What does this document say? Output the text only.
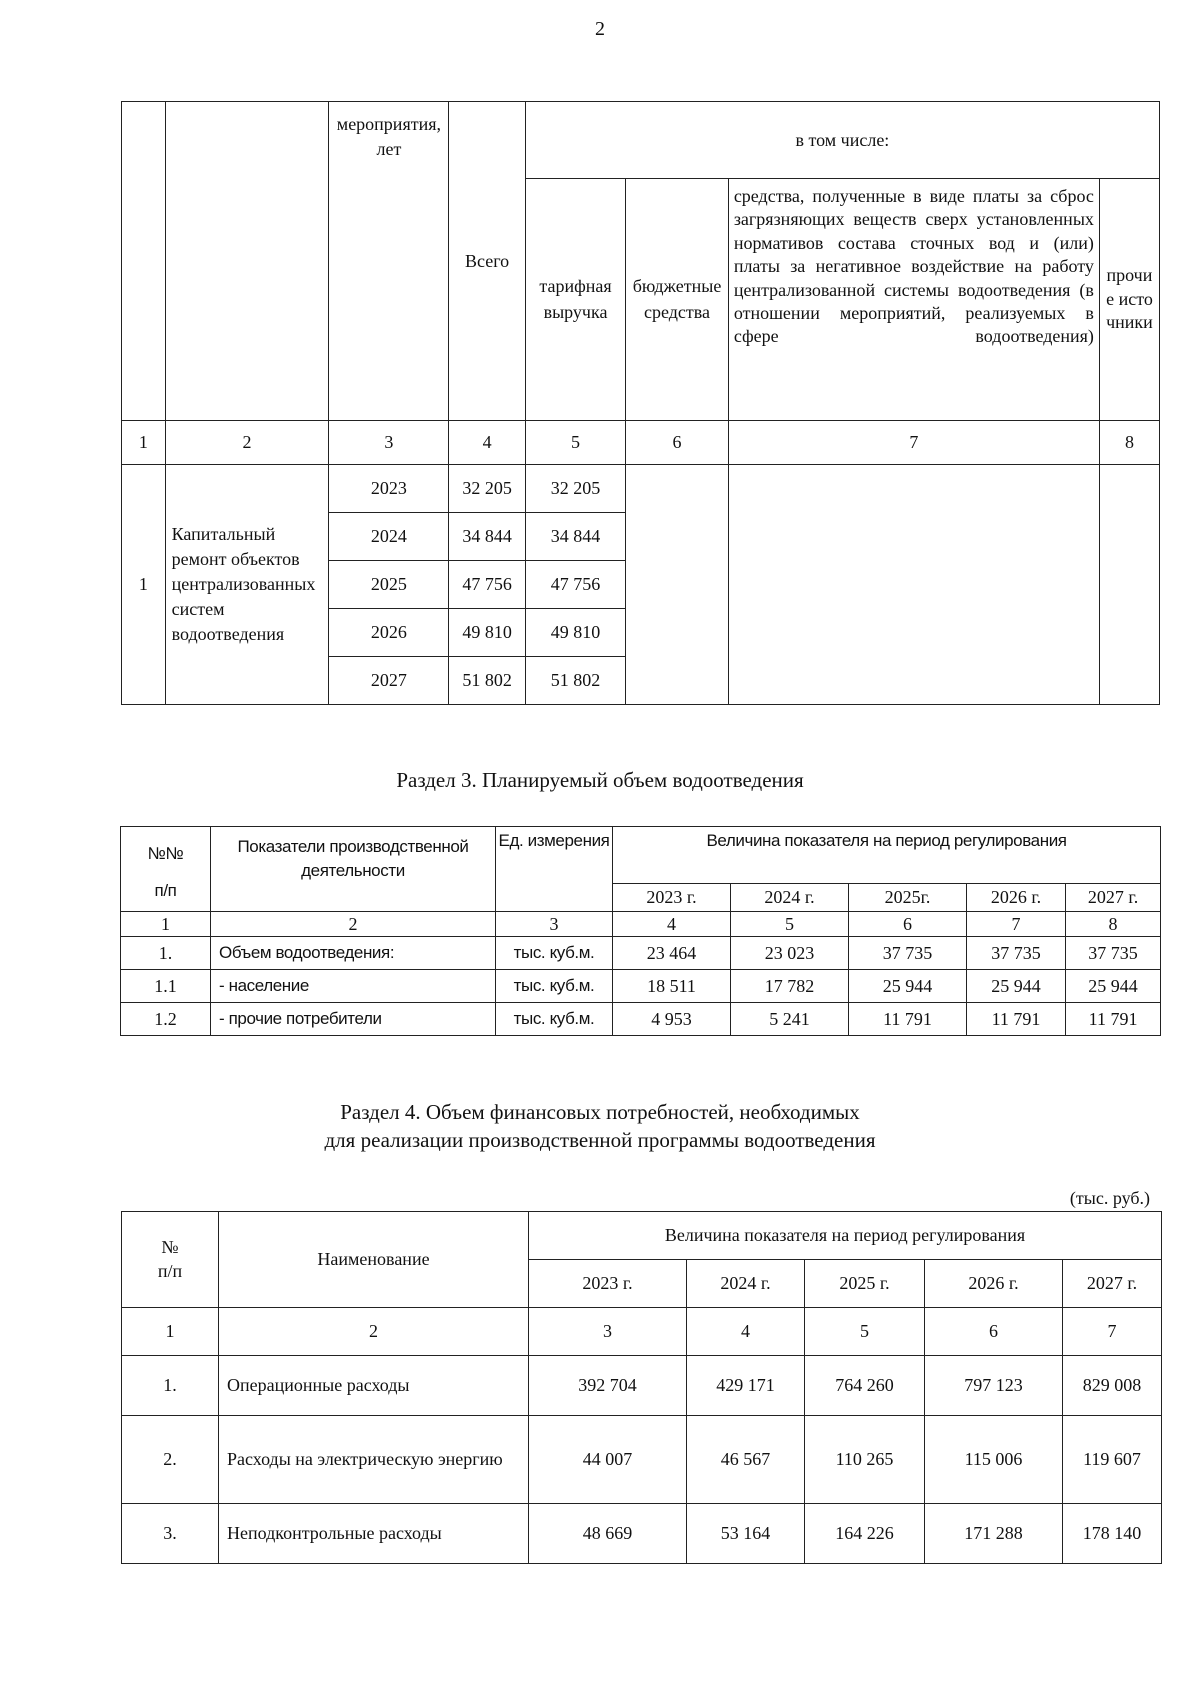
2
		мероприятия, лет	Всего	в том числе:			
				тарифная выручка	бюджетные средства	средства, полученные в виде платы за сброс загрязняющих веществ сверх установленных нормативов состава сточных вод и (или) платы за негативное воздействие на работу централизованной системы водоотведения (в отношении мероприятий, реализуемых в сфере водоотведения)	прочие источники
1	2	3	4	5	6	7	8
1	Капитальный ремонт объектов централизованных систем водоотведения	2023	32 205	32 205			
		2024	34 844	34 844			
		2025	47 756	47 756			
		2026	49 810	49 810			
		2027	51 802	51 802			
Раздел 3. Планируемый объем водоотведения
№№
п/п	Показатели производственной деятельности	Ед. измерения	Величина показателя на период регулирования				
			2023 г.	2024 г.	2025г.	2026 г.	2027 г.
1	2	3	4	5	6	7	8
1.	Объем водоотведения:	тыс. куб.м.	23 464	23 023	37 735	37 735	37 735
1.1	- население	тыс. куб.м.	18 511	17 782	25 944	25 944	25 944
1.2	- прочие потребители	тыс. куб.м.	4 953	5 241	11 791	11 791	11 791
Раздел 4. Объем финансовых потребностей, необходимых
для реализации производственной программы водоотведения
(тыс. руб.)
№ п/п	Наименование	Величина показателя на период регулирования				
		2023 г.	2024 г.	2025 г.	2026 г.	2027 г.
1	2	3	4	5	6	7
1.	Операционные расходы	392 704	429 171	764 260	797 123	829 008
2.	Расходы на электрическую энергию	44 007	46 567	110 265	115 006	119 607
3.	Неподконтрольные расходы	48 669	53 164	164 226	171 288	178 140
